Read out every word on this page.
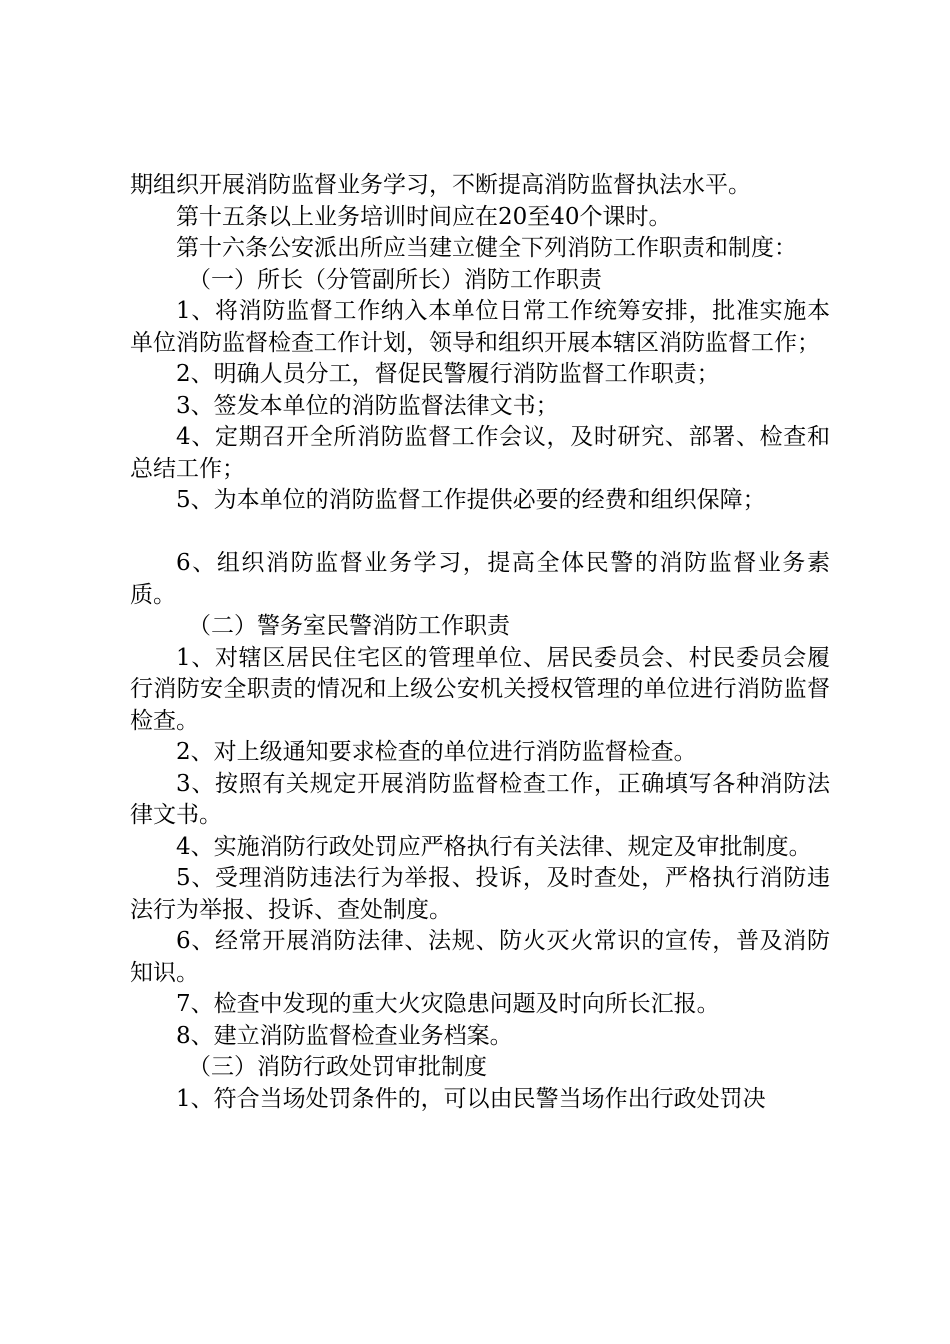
期组织开展消防监督业务学习，不断提高消防监督执法水平。

第十五条以上业务培训时间应在20至40个课时。

第十六条公安派出所应当建立健全下列消防工作职责和制度：

（一）所长（分管副所长）消防工作职责

1、将消防监督工作纳入本单位日常工作统筹安排，批准实施本单位消防监督检查工作计划，领导和组织开展本辖区消防监督工作；

2、明确人员分工，督促民警履行消防监督工作职责；

3、签发本单位的消防监督法律文书；

4、定期召开全所消防监督工作会议，及时研究、部署、检查和总结工作；

5、为本单位的消防监督工作提供必要的经费和组织保障；

6、组织消防监督业务学习，提高全体民警的消防监督业务素质。

（二）警务室民警消防工作职责

1、对辖区居民住宅区的管理单位、居民委员会、村民委员会履行消防安全职责的情况和上级公安机关授权管理的单位进行消防监督检查。

2、对上级通知要求检查的单位进行消防监督检查。

3、按照有关规定开展消防监督检查工作，正确填写各种消防法律文书。

4、实施消防行政处罚应严格执行有关法律、规定及审批制度。

5、受理消防违法行为举报、投诉，及时查处，严格执行消防违法行为举报、投诉、查处制度。

6、经常开展消防法律、法规、防火灭火常识的宣传，普及消防知识。

7、检查中发现的重大火灾隐患问题及时向所长汇报。

8、建立消防监督检查业务档案。

（三）消防行政处罚审批制度

1、符合当场处罚条件的，可以由民警当场作出行政处罚决
